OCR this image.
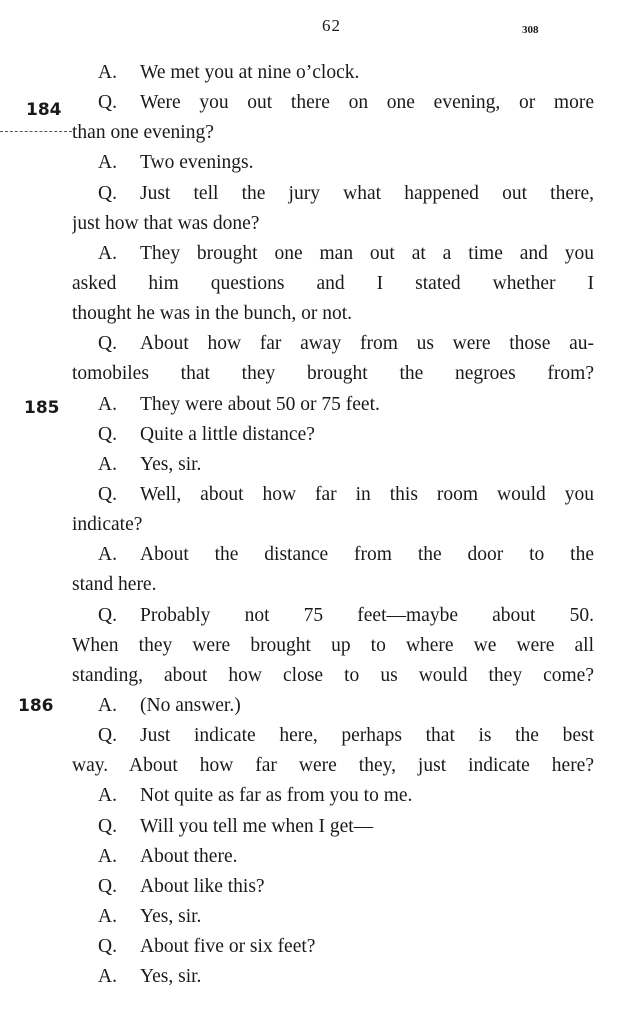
62	308
184
185
186
A. We met you at nine o’clock.
Q. Were you out there on one evening, or more
than one evening?
A. Two evenings.
Q. Just tell the jury what happened out there,
just how that was done?
A. They brought one man out at a time and you
asked him questions and I stated whether I
thought he was in the bunch, or not.
Q. About how far away from us were those au-
tomobiles that they brought the negroes from?
A. They were about 50 or 75 feet.
Q. Quite a little distance?
A. Yes, sir.
Q. Well, about how far in this room would you
indicate?
A. About the distance from the door to the
stand here.
Q. Probably not 75 feet—maybe about 50.
When they were brought up to where we were all
standing, about how close to us would they come?
A. (No answer.)
Q. Just indicate here, perhaps that is the best
way. About how far were they, just indicate here?
A. Not quite as far as from you to me.
Q. Will you tell me when I get—
A. About there.
Q. About like this?
A. Yes, sir.
Q. About five or six feet?
A. Yes, sir.
